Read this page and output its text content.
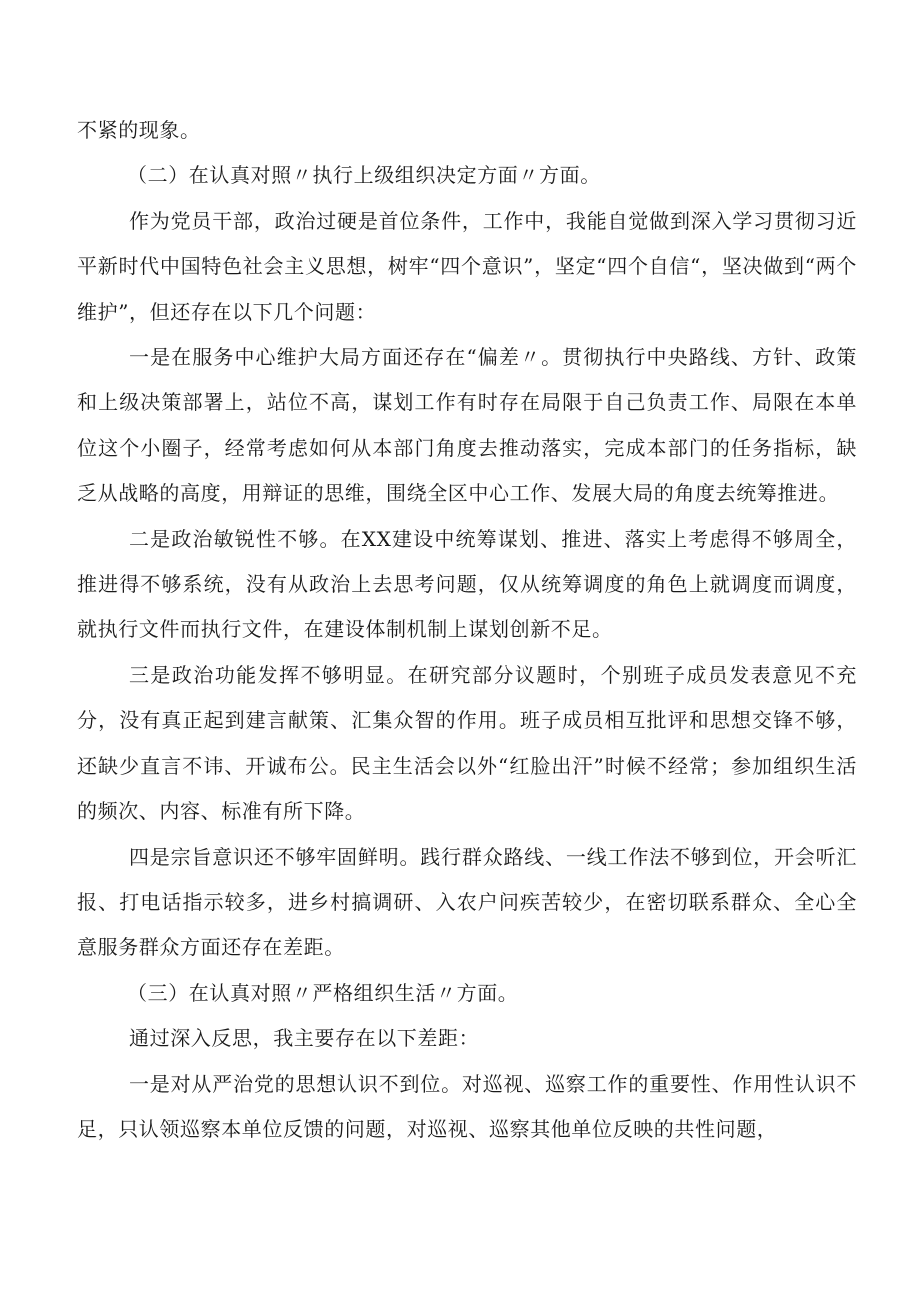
不紧的现象。

（二）在认真对照〃执行上级组织决定方面〃方面。

作为党员干部，政治过硬是首位条件，工作中，我能自觉做到深入学习贯彻习近平新时代中国特色社会主义思想，树牢“四个意识”，坚定“四个自信“，坚决做到“两个维护”，但还存在以下几个问题：

一是在服务中心维护大局方面还存在“偏差〃。贯彻执行中央路线、方针、政策和上级决策部署上，站位不高，谋划工作有时存在局限于自己负责工作、局限在本单位这个小圈子，经常考虑如何从本部门角度去推动落实，完成本部门的任务指标，缺乏从战略的高度，用辩证的思维，围绕全区中心工作、发展大局的角度去统筹推进。

二是政治敏锐性不够。在XX建设中统筹谋划、推进、落实上考虑得不够周全，推进得不够系统，没有从政治上去思考问题，仅从统筹调度的角色上就调度而调度，就执行文件而执行文件，在建设体制机制上谋划创新不足。

三是政治功能发挥不够明显。在研究部分议题时，个别班子成员发表意见不充分，没有真正起到建言献策、汇集众智的作用。班子成员相互批评和思想交锋不够，还缺少直言不讳、开诚布公。民主生活会以外“红脸出汗”时候不经常；参加组织生活的频次、内容、标准有所下降。

四是宗旨意识还不够牢固鲜明。践行群众路线、一线工作法不够到位，开会听汇报、打电话指示较多，进乡村搞调研、入农户问疾苦较少，在密切联系群众、全心全意服务群众方面还存在差距。

（三）在认真对照〃严格组织生活〃方面。

通过深入反思，我主要存在以下差距：

一是对从严治党的思想认识不到位。对巡视、巡察工作的重要性、作用性认识不足，只认领巡察本单位反馈的问题，对巡视、巡察其他单位反映的共性问题，
